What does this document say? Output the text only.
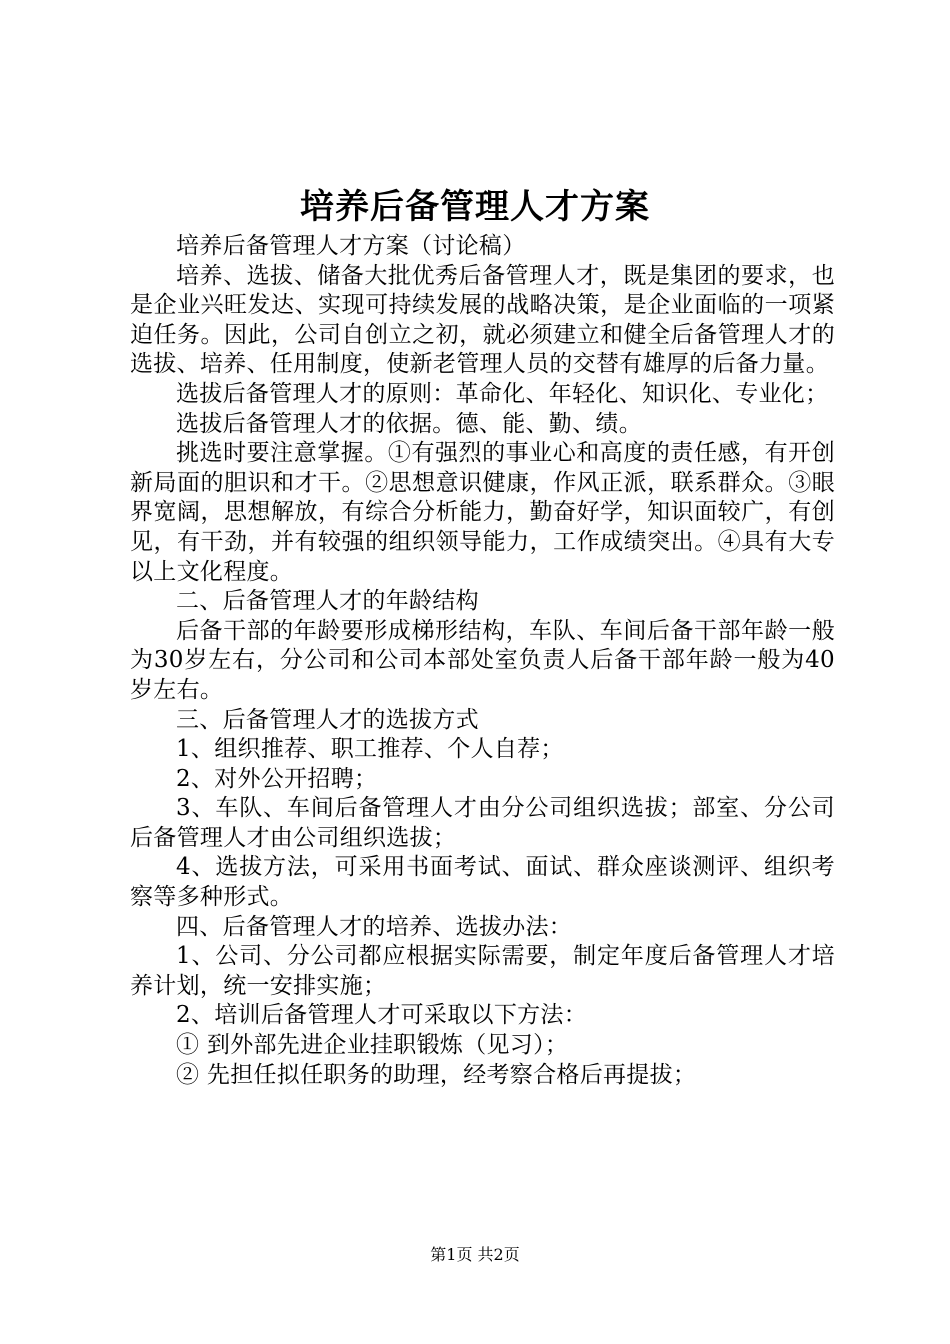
培养后备管理人才方案

培养后备管理人才方案（讨论稿）

培养、选拔、储备大批优秀后备管理人才，既是集团的要求，也是企业兴旺发达、实现可持续发展的战略决策，是企业面临的一项紧迫任务。因此，公司自创立之初，就必须建立和健全后备管理人才的选拔、培养、任用制度，使新老管理人员的交替有雄厚的后备力量。

选拔后备管理人才的原则：革命化、年轻化、知识化、专业化；

选拔后备管理人才的依据。德、能、勤、绩。

挑选时要注意掌握。①有强烈的事业心和高度的责任感，有开创新局面的胆识和才干。②思想意识健康，作风正派，联系群众。③眼界宽阔，思想解放，有综合分析能力，勤奋好学，知识面较广，有创见，有干劲，并有较强的组织领导能力，工作成绩突出。④具有大专以上文化程度。

二、后备管理人才的年龄结构

后备干部的年龄要形成梯形结构，车队、车间后备干部年龄一般为30岁左右，分公司和公司本部处室负责人后备干部年龄一般为40岁左右。

三、后备管理人才的选拔方式

1、组织推荐、职工推荐、个人自荐；

2、对外公开招聘；

3、车队、车间后备管理人才由分公司组织选拔；部室、分公司后备管理人才由公司组织选拔；

4、选拔方法，可采用书面考试、面试、群众座谈测评、组织考察等多种形式。

四、后备管理人才的培养、选拔办法：

1、公司、分公司都应根据实际需要，制定年度后备管理人才培养计划，统一安排实施；

2、培训后备管理人才可采取以下方法：

① 到外部先进企业挂职锻炼（见习）；

② 先担任拟任职务的助理，经考察合格后再提拔；

第1页 共2页
